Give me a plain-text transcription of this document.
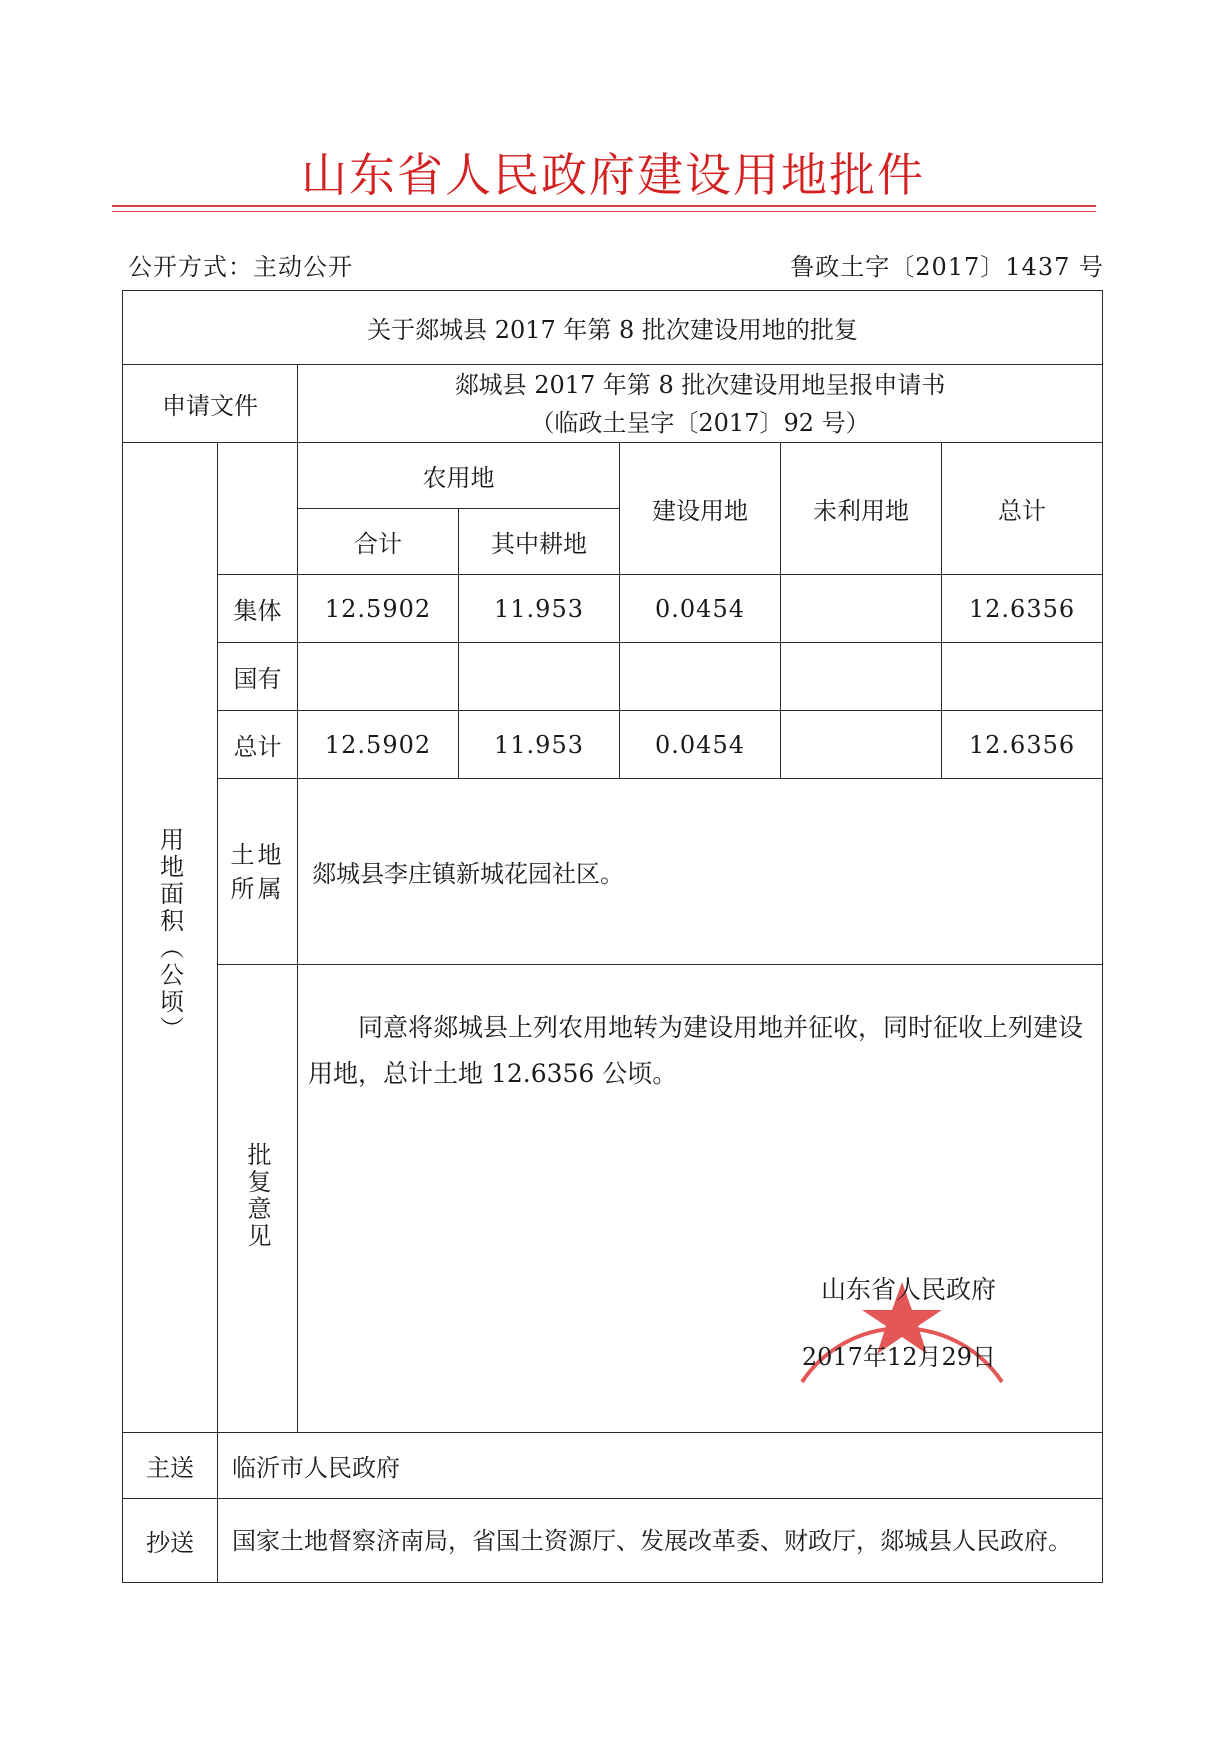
山东省人民政府建设用地批件
公开方式：主动公开	鲁政土字〔2017〕1437 号
关于郯城县 2017 年第 8 批次建设用地的批复						
申请文件		郯城县 2017 年第 8 批次建设用地呈报申请书
（临政土呈字〔2017〕92 号）				

用地面积（公顷）		农用地		建设用地	未利用地	总计
		合计	其中耕地			
	集体	12.5902	11.953	0.0454		12.6356
	国有					
	总计	12.5902	11.953	0.0454		12.6356
	土地所属	郯城县李庄镇新城花园社区。				
	批复意见	同意将郯城县上列农用地转为建设用地并征收，同时征收上列建设用地，总计土地 12.6356 公顷。
山东省人民政府
2017年12月29日				

主送	临沂市人民政府					
抄送	国家土地督察济南局，省国土资源厅、发展改革委、财政厅，郯城县人民政府。					
